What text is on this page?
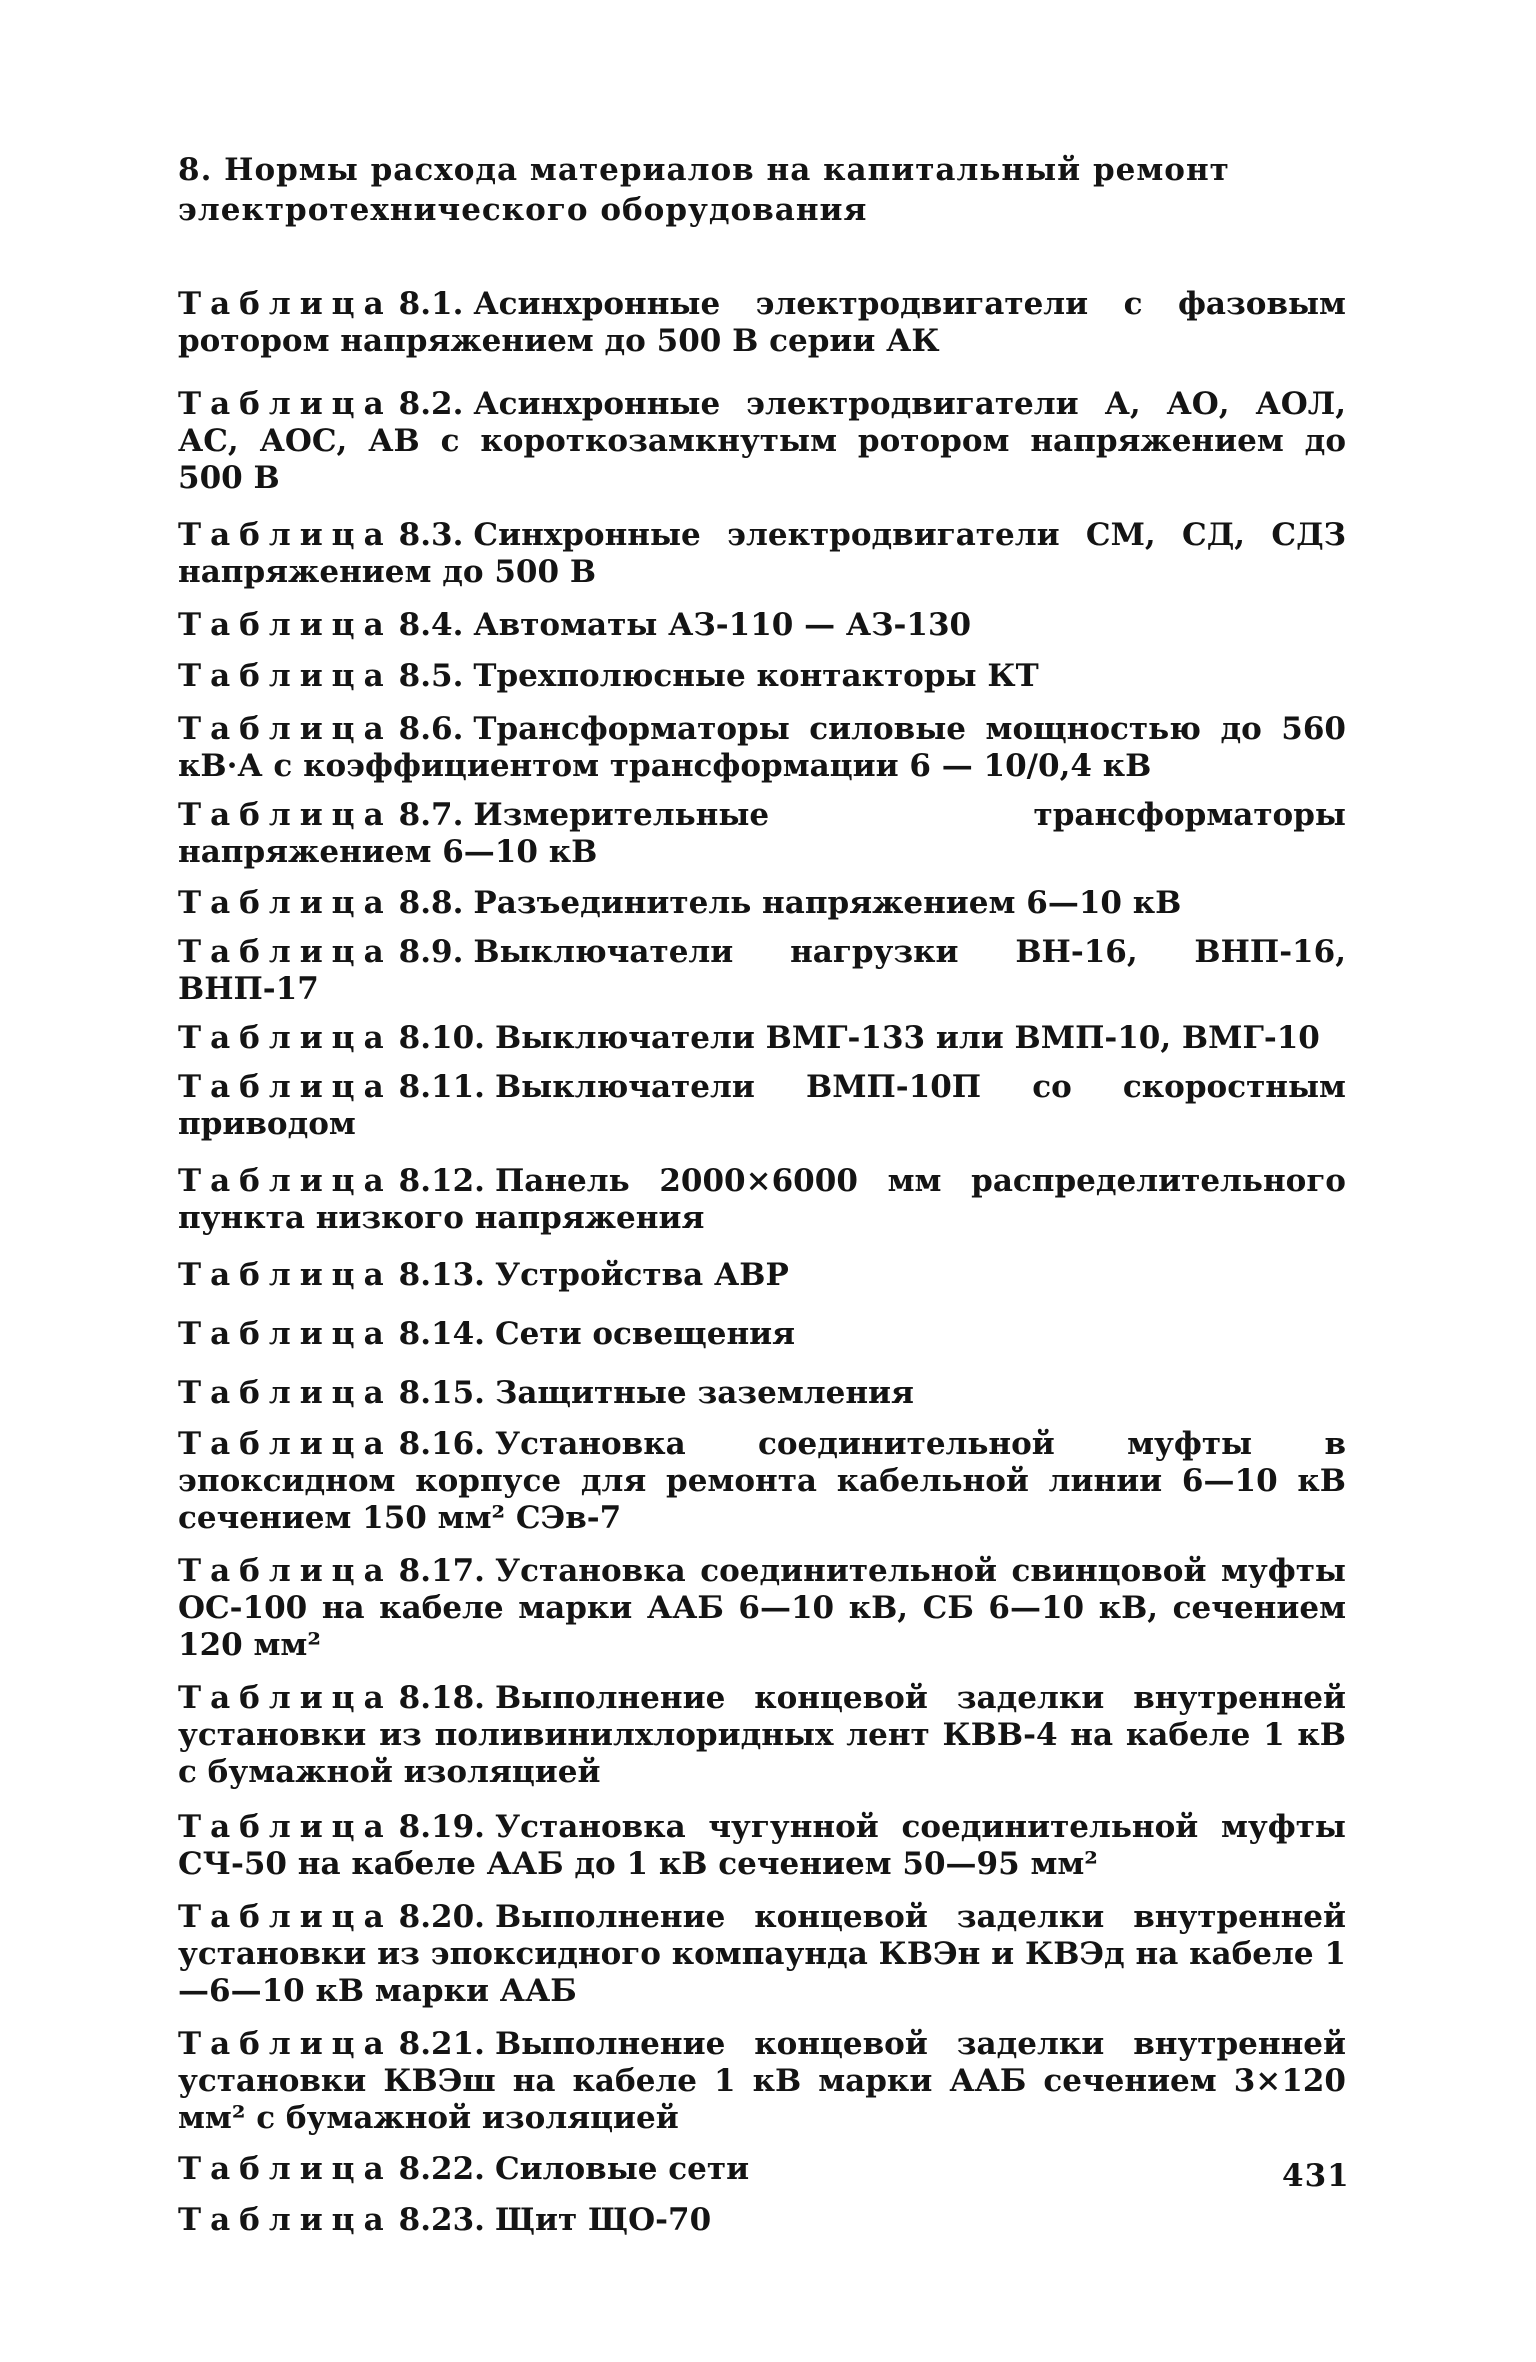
8. Нормы расхода материалов на капитальный ремонт электротехнического оборудования
Таблица 8.1. Асинхронные электродвигатели с фазовым ротором напряжением до 500 В серии АК
Таблица 8.2. Асинхронные электродвигатели А, АО, АОЛ, АС, АОС, АВ с короткозамкнутым ротором напряжением до 500 В
Таблица 8.3. Синхронные электродвигатели СМ, СД, СДЗ напряжением до 500 В
Таблица 8.4. Автоматы АЗ-110 — АЗ-130
Таблица 8.5. Трехполюсные контакторы КТ
Таблица 8.6. Трансформаторы силовые мощностью до 560 кВ·А с коэффициентом трансформации 6 — 10/0,4 кВ
Таблица 8.7. Измерительные трансформаторы напряжением 6—10 кВ
Таблица 8.8. Разъединитель напряжением 6—10 кВ
Таблица 8.9. Выключатели нагрузки ВН-16, ВНП-16, ВНП-17
Таблица 8.10. Выключатели ВМГ-133 или ВМП-10, ВМГ-10
Таблица 8.11. Выключатели ВМП-10П со скоростным приводом
Таблица 8.12. Панель 2000×6000 мм распределительного пункта низкого напряжения
Таблица 8.13. Устройства АВР
Таблица 8.14. Сети освещения
Таблица 8.15. Защитные заземления
Таблица 8.16. Установка соединительной муфты в эпоксидном корпусе для ремонта кабельной линии 6—10 кВ сечением 150 мм² СЭв-7
Таблица 8.17. Установка соединительной свинцовой муфты ОС-100 на кабеле марки ААБ 6—10 кВ, СБ 6—10 кВ, сечением 120 мм²
Таблица 8.18. Выполнение концевой заделки внутренней установки из поливинилхлоридных лент КВВ-4 на кабеле 1 кВ с бумажной изоляцией
Таблица 8.19. Установка чугунной соединительной муфты СЧ-50 на кабеле ААБ до 1 кВ сечением 50—95 мм²
Таблица 8.20. Выполнение концевой заделки внутренней установки из эпоксидного компаунда КВЭн и КВЭд на кабеле 1—6—10 кВ марки ААБ
Таблица 8.21. Выполнение концевой заделки внутренней установки КВЭш на кабеле 1 кВ марки ААБ сечением 3×120 мм² с бумажной изоляцией
Таблица 8.22. Силовые сети
Таблица 8.23. Щит ЩО-70
431
